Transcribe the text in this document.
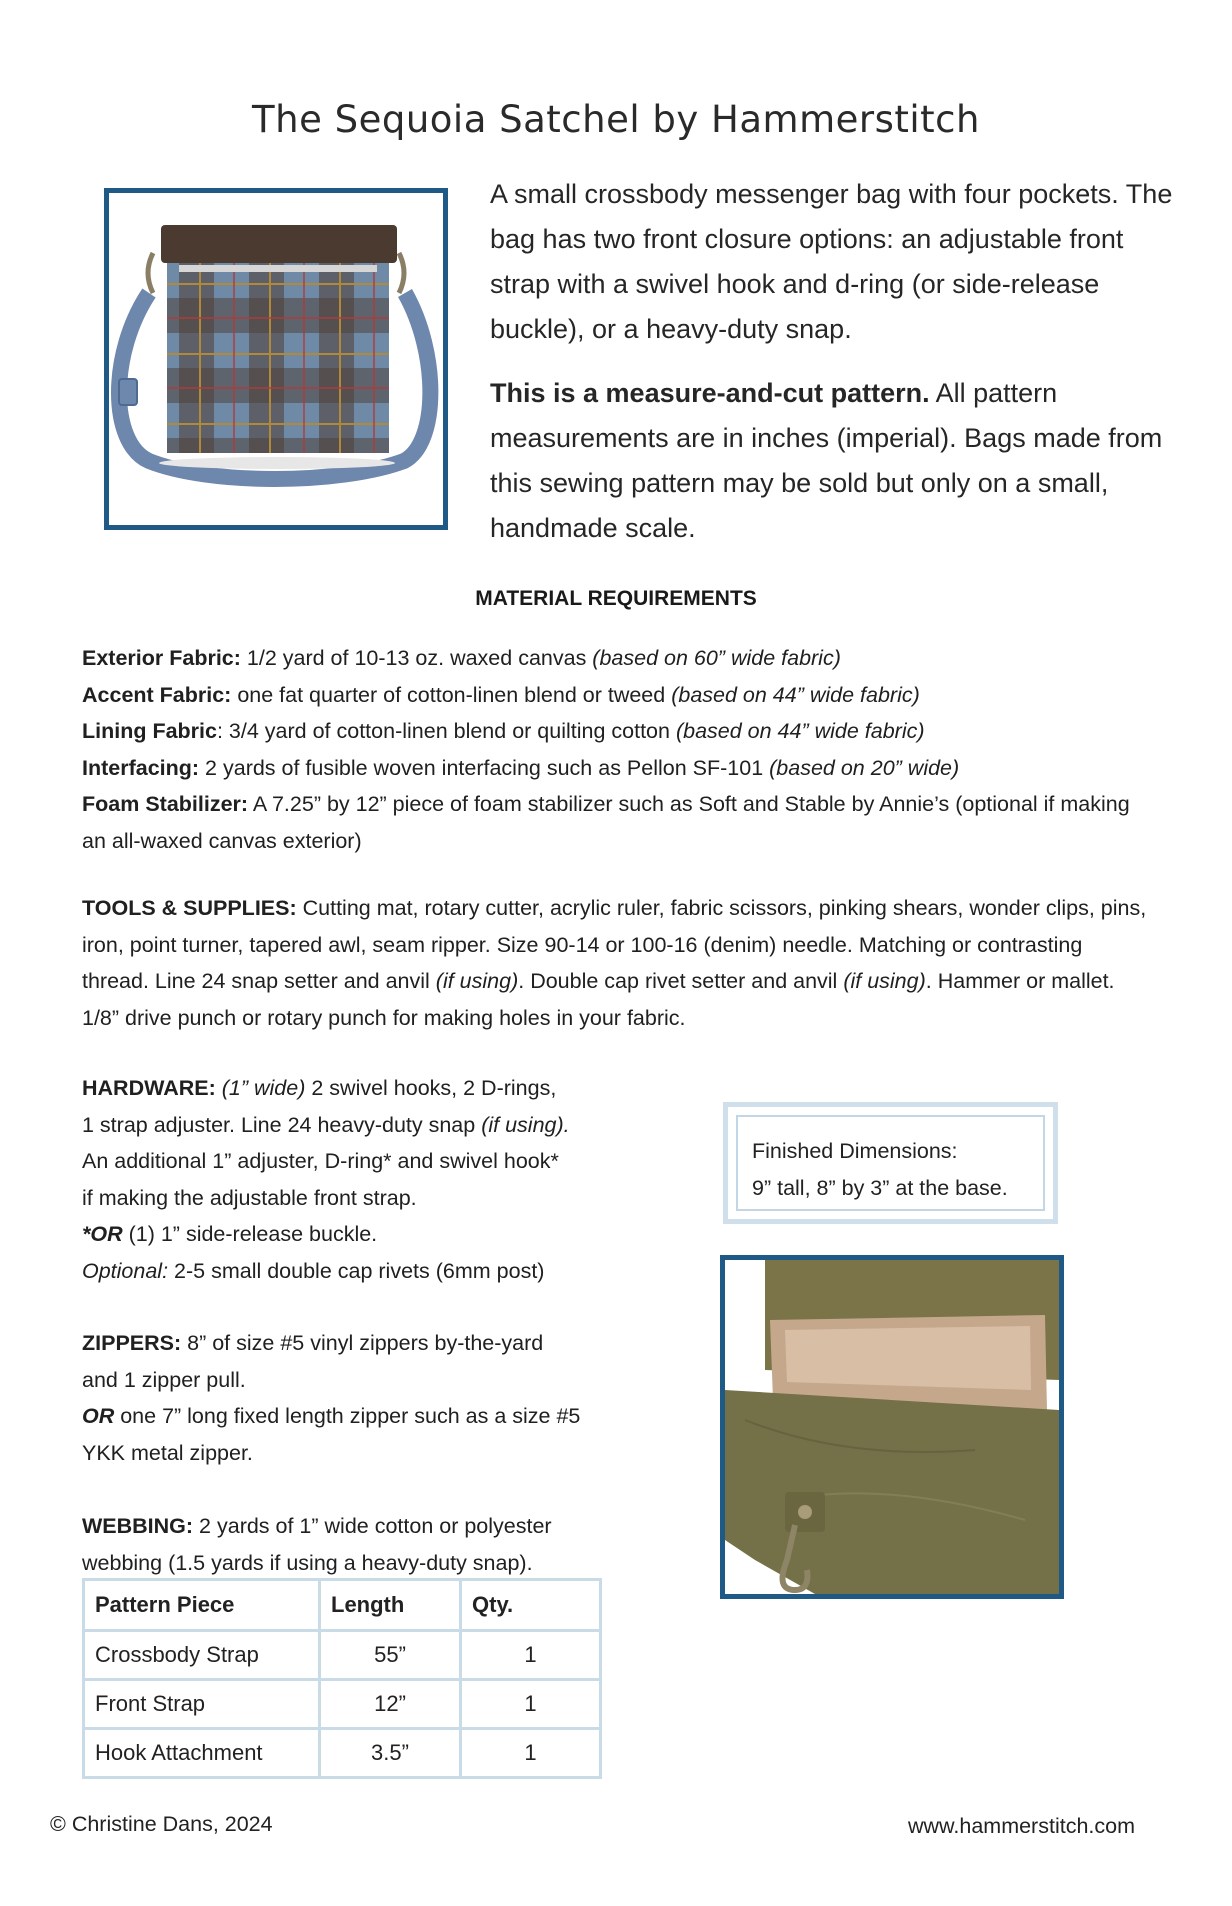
The Sequoia Satchel by Hammerstitch

A small crossbody messenger bag with four pockets. The bag has two front closure options: an adjustable front strap with a swivel hook and d-ring (or side-release buckle), or a heavy-duty snap.

This is a measure-and-cut pattern. All pattern measurements are in inches (imperial). Bags made from this sewing pattern may be sold but only on a small, handmade scale.

MATERIAL REQUIREMENTS

Exterior Fabric: 1/2 yard of 10-13 oz. waxed canvas (based on 60” wide fabric)

Accent Fabric: one fat quarter of cotton-linen blend or tweed (based on 44” wide fabric)

Lining Fabric: 3/4 yard of cotton-linen blend or quilting cotton (based on 44” wide fabric)

Interfacing: 2 yards of fusible woven interfacing such as Pellon SF-101 (based on 20” wide)

Foam Stabilizer: A 7.25” by 12” piece of foam stabilizer such as Soft and Stable by Annie’s (optional if making an all-waxed canvas exterior)

TOOLS & SUPPLIES: Cutting mat, rotary cutter, acrylic ruler, fabric scissors, pinking shears, wonder clips, pins, iron, point turner, tapered awl, seam ripper. Size 90-14 or 100-16 (denim) needle. Matching or contrasting thread. Line 24 snap setter and anvil (if using). Double cap rivet setter and anvil (if using). Hammer or mallet. 1/8” drive punch or rotary punch for making holes in your fabric.

HARDWARE: (1” wide) 2 swivel hooks, 2 D-rings,

1 strap adjuster. Line 24 heavy-duty snap (if using).

An additional 1” adjuster, D-ring* and swivel hook*

if making the adjustable front strap.

*OR (1) 1” side-release buckle.

Optional: 2-5 small double cap rivets (6mm post)

ZIPPERS: 8” of size #5 vinyl zippers by-the-yard

and 1 zipper pull.

OR one 7” long fixed length zipper such as a size #5

YKK metal zipper.

WEBBING: 2 yards of 1” wide cotton or polyester

webbing (1.5 yards if using a heavy-duty snap).

Pattern Piece	Length	Qty.
Crossbody Strap	55”	1
Front Strap	12”	1
Hook Attachment	3.5”	1
Finished Dimensions:
9” tall, 8” by 3” at the base.
© Christine Dans, 2024	www.hammerstitch.com
